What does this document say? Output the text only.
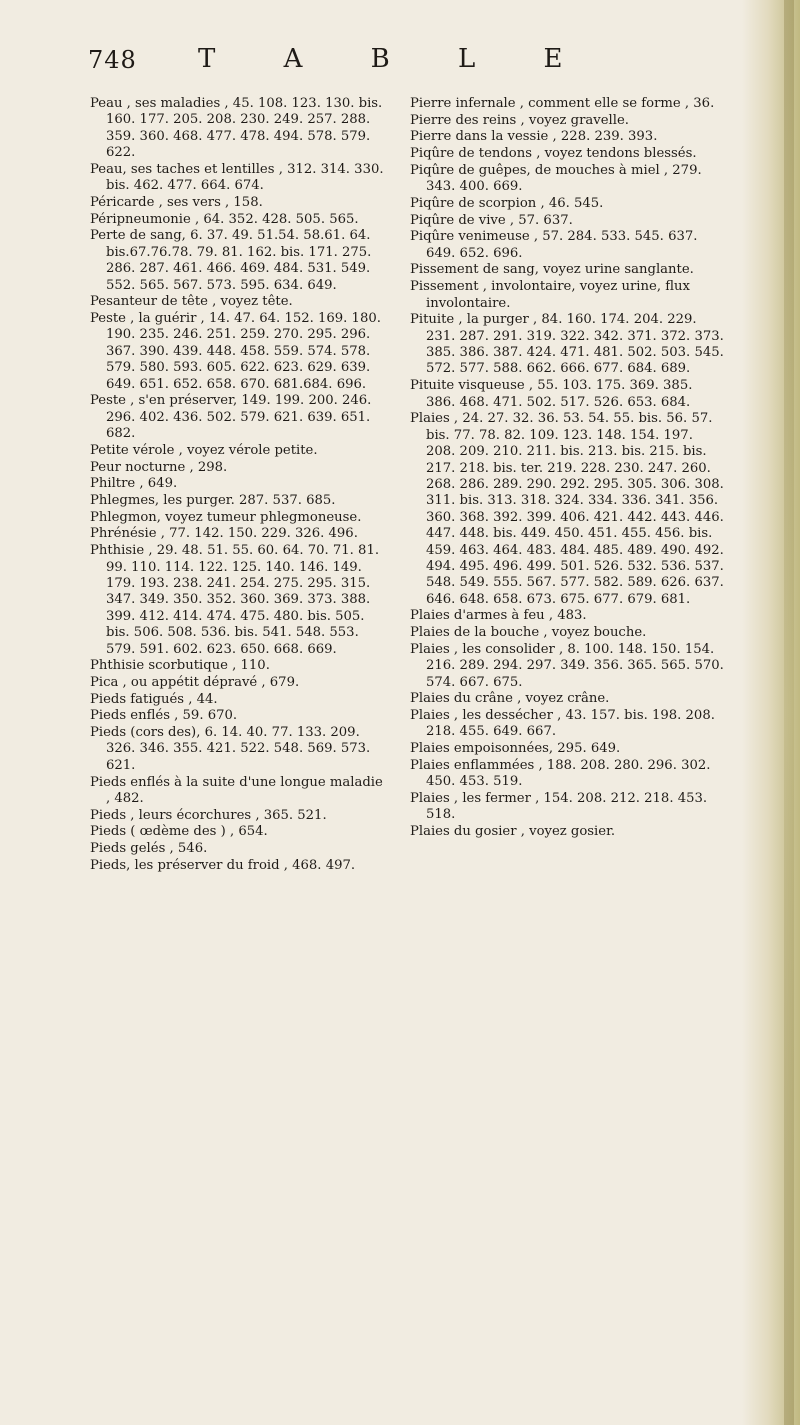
748 T A B L E

Peau , ses maladies , 45. 108. 123. 130. bis. 160. 177. 205. 208. 230. 249. 257. 288. 359. 360. 468. 477. 478. 494. 578. 579. 622.

Peau, ses taches et lentilles , 312. 314. 330. bis. 462. 477. 664. 674.

Péricarde , ses vers , 158.

Péripneumonie , 64. 352. 428. 505. 565.

Perte de sang, 6. 37. 49. 51.54. 58.61. 64. bis.67.76.78. 79. 81. 162. bis. 171. 275. 286. 287. 461. 466. 469. 484. 531. 549. 552. 565. 567. 573. 595. 634. 649.

Pesanteur de tête , voyez tête.

Peste , la guérir , 14. 47. 64. 152. 169. 180. 190. 235. 246. 251. 259. 270. 295. 296. 367. 390. 439. 448. 458. 559. 574. 578. 579. 580. 593. 605. 622. 623. 629. 639. 649. 651. 652. 658. 670. 681.684. 696.

Peste , s'en préserver, 149. 199. 200. 246. 296. 402. 436. 502. 579. 621. 639. 651. 682.

Petite vérole , voyez vérole petite.

Peur nocturne , 298.

Philtre , 649.

Phlegmes, les purger. 287. 537. 685.

Phlegmon, voyez tumeur phlegmoneuse.

Phrénésie , 77. 142. 150. 229. 326. 496.

Phthisie , 29. 48. 51. 55. 60. 64. 70. 71. 81. 99. 110. 114. 122. 125. 140. 146. 149. 179. 193. 238. 241. 254. 275. 295. 315. 347. 349. 350. 352. 360. 369. 373. 388. 399. 412. 414. 474. 475. 480. bis. 505. bis. 506. 508. 536. bis. 541. 548. 553. 579. 591. 602. 623. 650. 668. 669.

Phthisie scorbutique , 110.

Pica , ou appétit dépravé , 679.

Pieds fatigués , 44.

Pieds enflés , 59. 670.

Pieds (cors des), 6. 14. 40. 77. 133. 209. 326. 346. 355. 421. 522. 548. 569. 573. 621.

Pieds enflés à la suite d'une longue maladie , 482.

Pieds , leurs écorchures , 365. 521.

Pieds ( œdème des ) , 654.

Pieds gelés , 546.

Pieds, les préserver du froid , 468. 497.

Pierre infernale , comment elle se forme , 36.

Pierre des reins , voyez gravelle.

Pierre dans la vessie , 228. 239. 393.

Piqûre de tendons , voyez tendons blessés.

Piqûre de guêpes, de mouches à miel , 279. 343. 400. 669.

Piqûre de scorpion , 46. 545.

Piqûre de vive , 57. 637.

Piqûre venimeuse , 57. 284. 533. 545. 637. 649. 652. 696.

Pissement de sang, voyez urine sanglante.

Pissement , involontaire, voyez urine, flux involontaire.

Pituite , la purger , 84. 160. 174. 204. 229. 231. 287. 291. 319. 322. 342. 371. 372. 373. 385. 386. 387. 424. 471. 481. 502. 503. 545. 572. 577. 588. 662. 666. 677. 684. 689.

Pituite visqueuse , 55. 103. 175. 369. 385. 386. 468. 471. 502. 517. 526. 653. 684.

Plaies , 24. 27. 32. 36. 53. 54. 55. bis. 56. 57. bis. 77. 78. 82. 109. 123. 148. 154. 197. 208. 209. 210. 211. bis. 213. bis. 215. bis. 217. 218. bis. ter. 219. 228. 230. 247. 260. 268. 286. 289. 290. 292. 295. 305. 306. 308. 311. bis. 313. 318. 324. 334. 336. 341. 356. 360. 368. 392. 399. 406. 421. 442. 443. 446. 447. 448. bis. 449. 450. 451. 455. 456. bis. 459. 463. 464. 483. 484. 485. 489. 490. 492. 494. 495. 496. 499. 501. 526. 532. 536. 537. 548. 549. 555. 567. 577. 582. 589. 626. 637. 646. 648. 658. 673. 675. 677. 679. 681.

Plaies d'armes à feu , 483.

Plaies de la bouche , voyez bouche.

Plaies , les consolider , 8. 100. 148. 150. 154. 216. 289. 294. 297. 349. 356. 365. 565. 570. 574. 667. 675.

Plaies du crâne , voyez crâne.

Plaies , les dessécher , 43. 157. bis. 198. 208. 218. 455. 649. 667.

Plaies empoisonnées, 295. 649.

Plaies enflammées , 188. 208. 280. 296. 302. 450. 453. 519.

Plaies , les fermer , 154. 208. 212. 218. 453. 518.

Plaies du gosier , voyez gosier.
